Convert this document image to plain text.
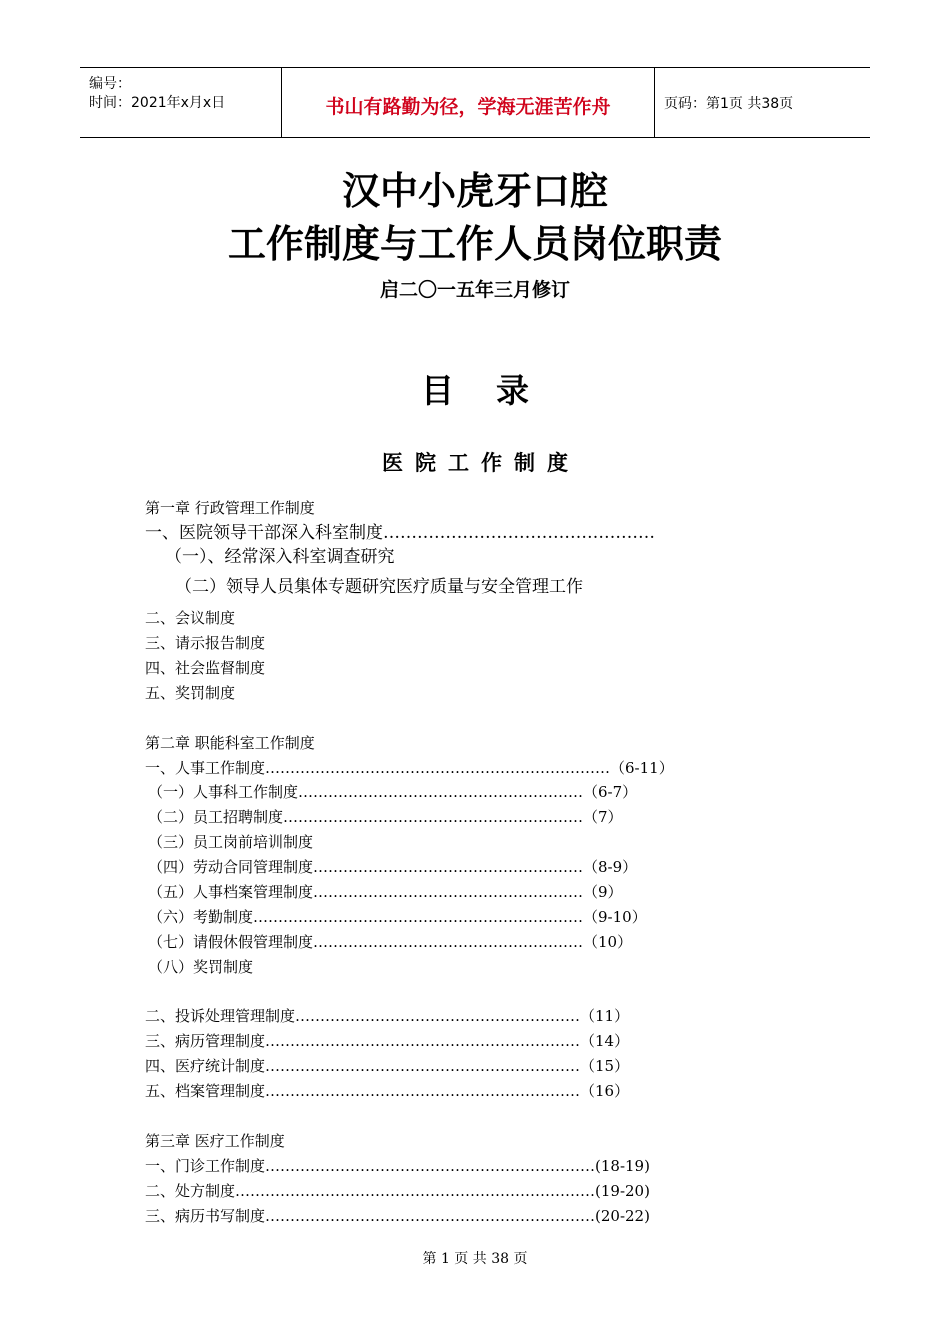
编号：
时间：2021年x月x日	书山有路勤为径，学海无涯苦作舟	页码：第1页 共38页
汉中小虎牙口腔
工作制度与工作人员岗位职责
启二〇一五年三月修订
目录
医院工作制度
第一章 行政管理工作制度
一、医院领导干部深入科室制度…………………………………………
（一）、经常深入科室调查研究
（二）领导人员集体专题研究医疗质量与安全管理工作
二、会议制度
三、请示报告制度
四、社会监督制度
五、奖罚制度
第二章 职能科室工作制度
一、人事工作制度……………………………………………………………（6-11）
（一）人事科工作制度…………………………………………………（6-7）
（二）员工招聘制度……………………………………………………（7）
（三）员工岗前培训制度
（四）劳动合同管理制度………………………………………………（8-9）
（五）人事档案管理制度………………………………………………（9）
（六）考勤制度…………………………………………………………（9-10）
（七）请假休假管理制度………………………………………………（10）
（八）奖罚制度
二、投诉处理管理制度…………………………………………………（11）
三、病历管理制度………………………………………………………（14）
四、医疗统计制度………………………………………………………（15）
五、档案管理制度………………………………………………………（16）
第三章 医疗工作制度
一、门诊工作制度…………………………………………………………(18-19)
二、处方制度………………………………………………………………(19-20)
三、病历书写制度…………………………………………………………(20-22)
第 1 页 共 38 页
